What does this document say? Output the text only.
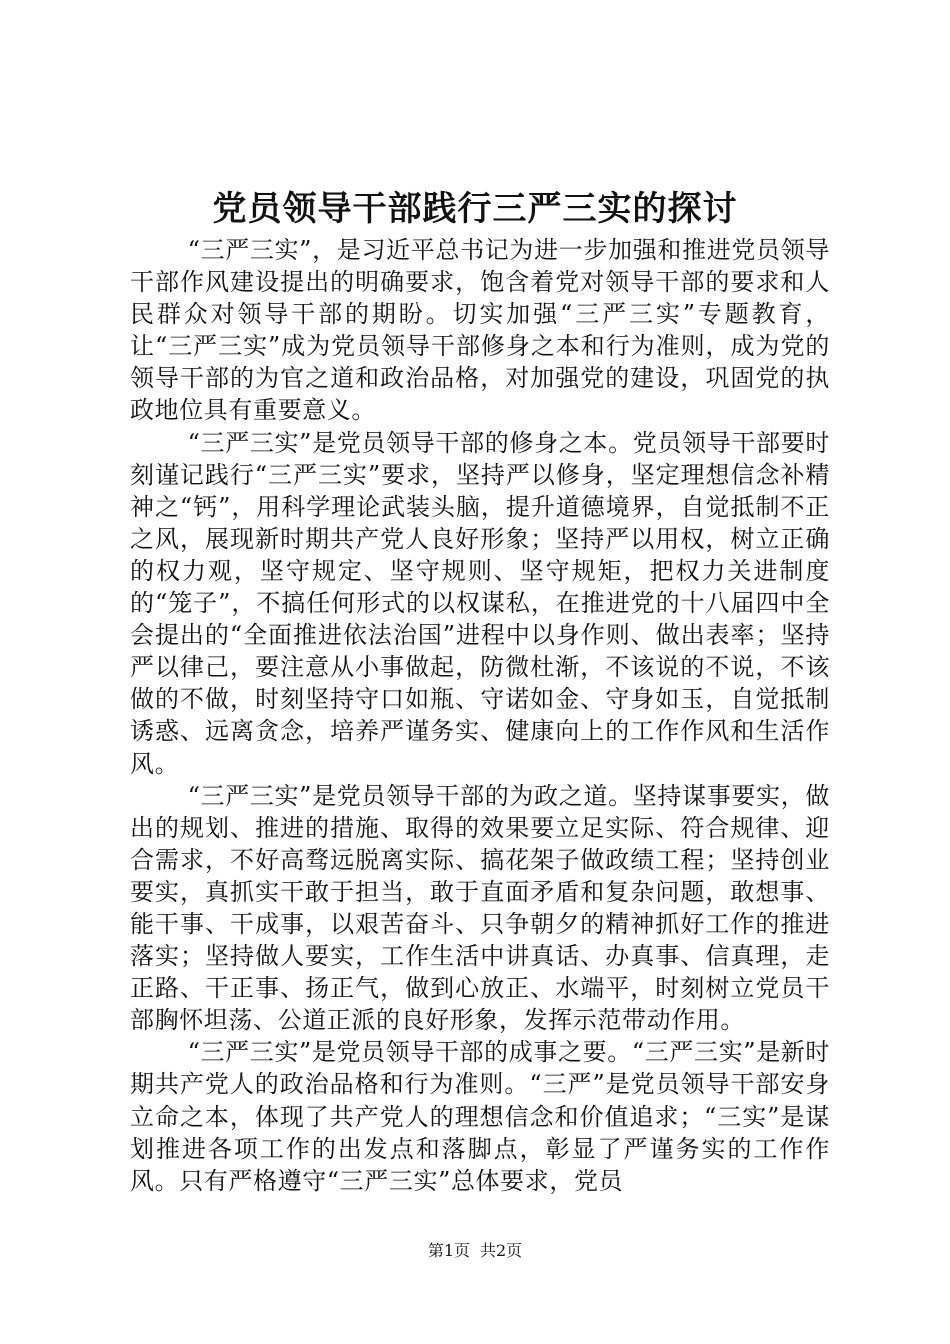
党员领导干部践行三严三实的探讨

“三严三实”，是习近平总书记为进一步加强和推进党员领导干部作风建设提出的明确要求，饱含着党对领导干部的要求和人民群众对领导干部的期盼。切实加强“三严三实”专题教育，让“三严三实”成为党员领导干部修身之本和行为准则，成为党的领导干部的为官之道和政治品格，对加强党的建设，巩固党的执政地位具有重要意义。

“三严三实”是党员领导干部的修身之本。党员领导干部要时刻谨记践行“三严三实”要求，坚持严以修身，坚定理想信念补精神之“钙”，用科学理论武装头脑，提升道德境界，自觉抵制不正之风，展现新时期共产党人良好形象；坚持严以用权，树立正确的权力观，坚守规定、坚守规则、坚守规矩，把权力关进制度的“笼子”，不搞任何形式的以权谋私，在推进党的十八届四中全会提出的“全面推进依法治国”进程中以身作则、做出表率；坚持严以律己，要注意从小事做起，防微杜渐，不该说的不说，不该做的不做，时刻坚持守口如瓶、守诺如金、守身如玉，自觉抵制诱惑、远离贪念，培养严谨务实、健康向上的工作作风和生活作风。

“三严三实”是党员领导干部的为政之道。坚持谋事要实，做出的规划、推进的措施、取得的效果要立足实际、符合规律、迎合需求，不好高骛远脱离实际、搞花架子做政绩工程；坚持创业要实，真抓实干敢于担当，敢于直面矛盾和复杂问题，敢想事、能干事、干成事，以艰苦奋斗、只争朝夕的精神抓好工作的推进落实；坚持做人要实，工作生活中讲真话、办真事、信真理，走正路、干正事、扬正气，做到心放正、水端平，时刻树立党员干部胸怀坦荡、公道正派的良好形象，发挥示范带动作用。

“三严三实”是党员领导干部的成事之要。“三严三实”是新时期共产党人的政治品格和行为准则。“三严”是党员领导干部安身立命之本，体现了共产党人的理想信念和价值追求；“三实”是谋划推进各项工作的出发点和落脚点，彰显了严谨务实的工作作风。只有严格遵守“三严三实”总体要求，党员

第1页 共2页
